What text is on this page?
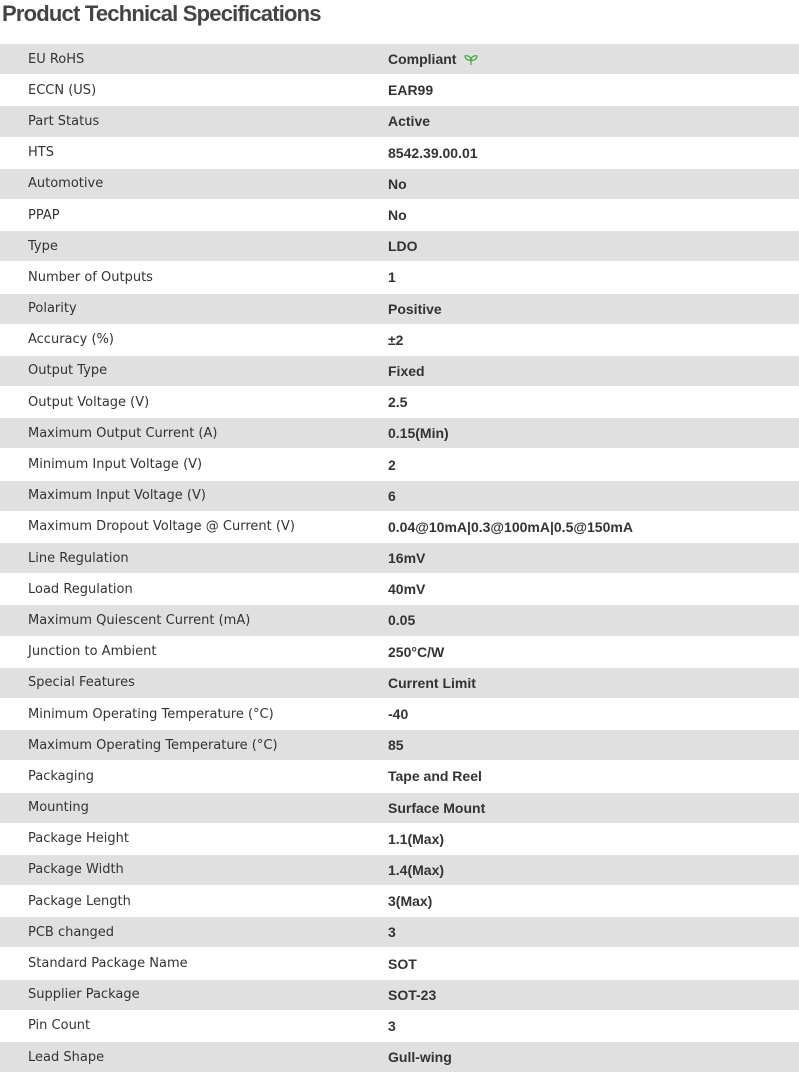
Product Technical Specifications
EU RoHS	Compliant
ECCN (US)	EAR99
Part Status	Active
HTS	8542.39.00.01
Automotive	No
PPAP	No
Type	LDO
Number of Outputs	1
Polarity	Positive
Accuracy (%)	±2
Output Type	Fixed
Output Voltage (V)	2.5
Maximum Output Current (A)	0.15(Min)
Minimum Input Voltage (V)	2
Maximum Input Voltage (V)	6
Maximum Dropout Voltage @ Current (V)	0.04@10mA|0.3@100mA|0.5@150mA
Line Regulation	16mV
Load Regulation	40mV
Maximum Quiescent Current (mA)	0.05
Junction to Ambient	250°C/W
Special Features	Current Limit
Minimum Operating Temperature (°C)	-40
Maximum Operating Temperature (°C)	85
Packaging	Tape and Reel
Mounting	Surface Mount
Package Height	1.1(Max)
Package Width	1.4(Max)
Package Length	3(Max)
PCB changed	3
Standard Package Name	SOT
Supplier Package	SOT-23
Pin Count	3
Lead Shape	Gull-wing
